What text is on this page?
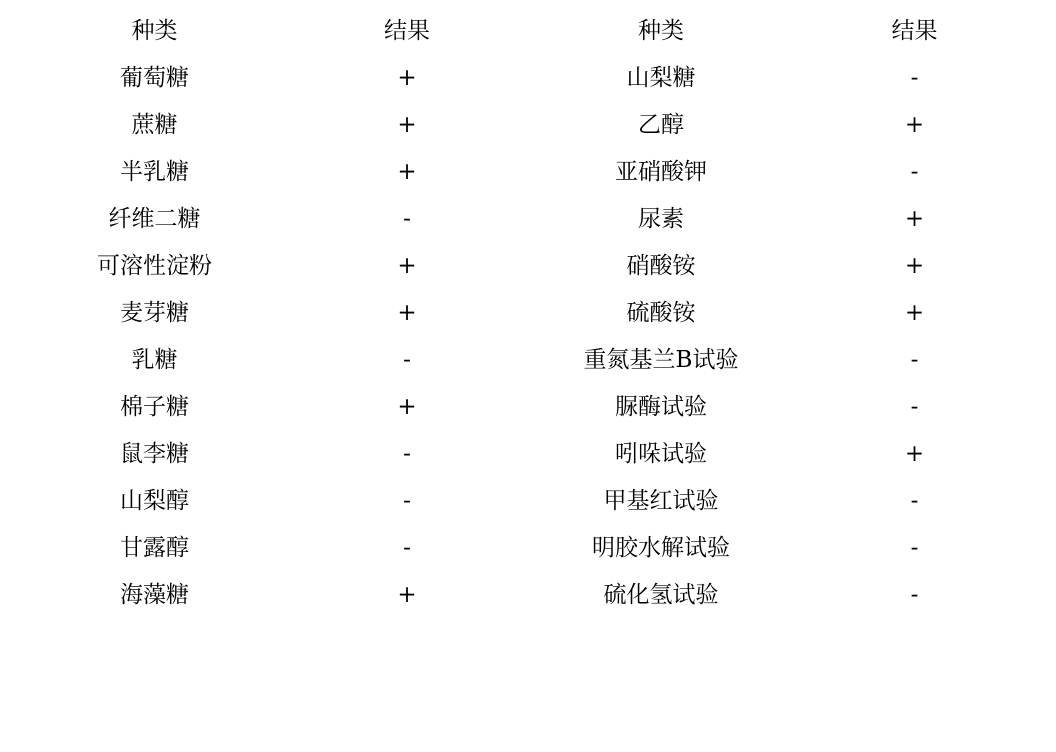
种类	结果	种类	结果
葡萄糖	+	山梨糖	-
蔗糖	+	乙醇	+
半乳糖	+	亚硝酸钾	-
纤维二糖	-	尿素	+
可溶性淀粉	+	硝酸铵	+
麦芽糖	+	硫酸铵	+
乳糖	-	重氮基兰B试验	-
棉子糖	+	脲酶试验	-
鼠李糖	-	吲哚试验	+
山梨醇	-	甲基红试验	-
甘露醇	-	明胶水解试验	-
海藻糖	+	硫化氢试验	-
